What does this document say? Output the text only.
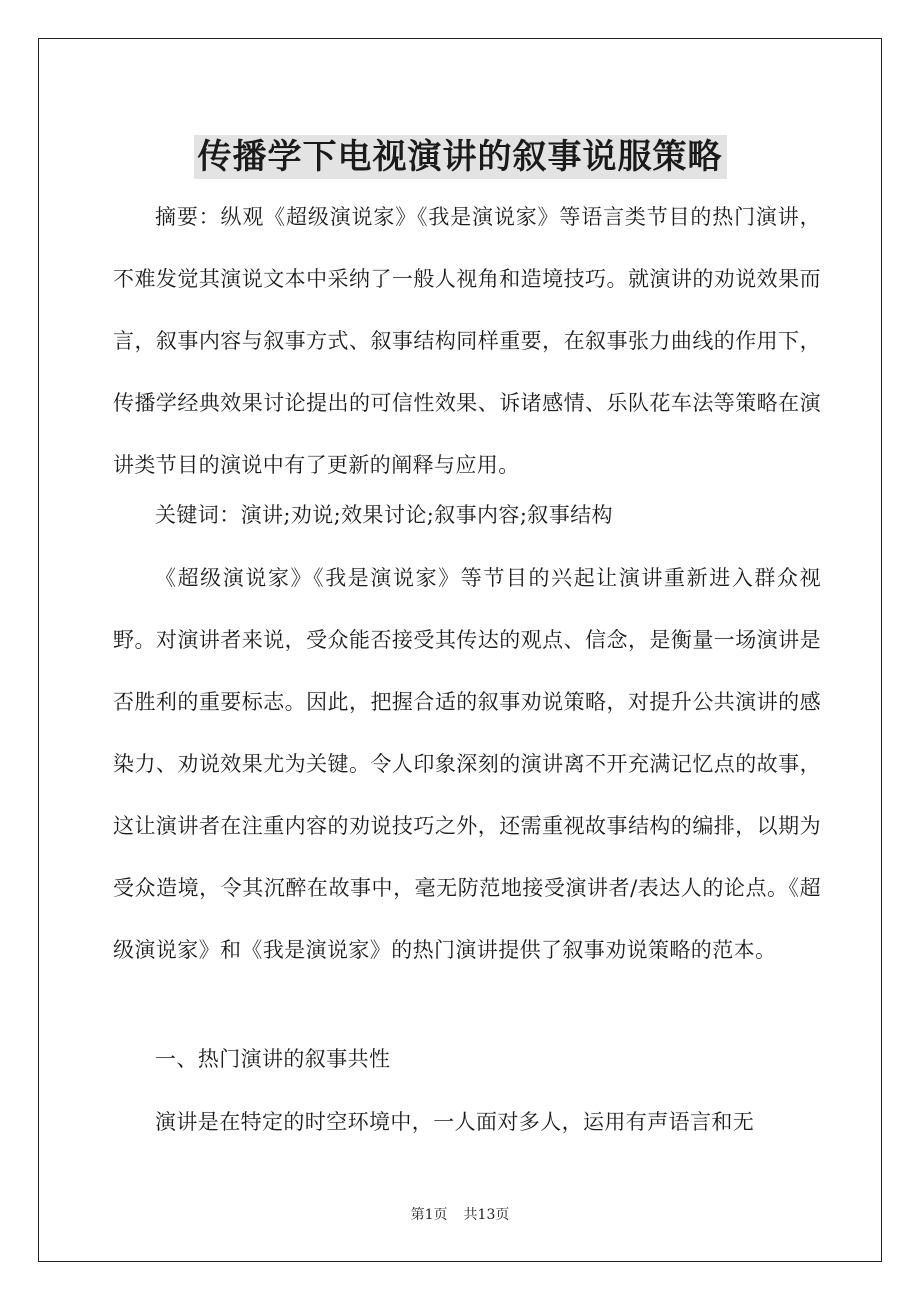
传播学下电视演讲的叙事说服策略

摘要：纵观《超级演说家》《我是演说家》等语言类节目的热门演讲，不难发觉其演说文本中采纳了一般人视角和造境技巧。就演讲的劝说效果而言，叙事内容与叙事方式、叙事结构同样重要，在叙事张力曲线的作用下，传播学经典效果讨论提出的可信性效果、诉诸感情、乐队花车法等策略在演讲类节目的演说中有了更新的阐释与应用。

关键词：演讲;劝说;效果讨论;叙事内容;叙事结构

《超级演说家》《我是演说家》等节目的兴起让演讲重新进入群众视野。对演讲者来说，受众能否接受其传达的观点、信念，是衡量一场演讲是否胜利的重要标志。因此，把握合适的叙事劝说策略，对提升公共演讲的感染力、劝说效果尤为关键。令人印象深刻的演讲离不开充满记忆点的故事，这让演讲者在注重内容的劝说技巧之外，还需重视故事结构的编排，以期为受众造境，令其沉醉在故事中，毫无防范地接受演讲者/表达人的论点。《超级演说家》和《我是演说家》的热门演讲提供了叙事劝说策略的范本。

一、热门演讲的叙事共性

演讲是在特定的时空环境中，一人面对多人，运用有声语言和无

第1页 共13页
